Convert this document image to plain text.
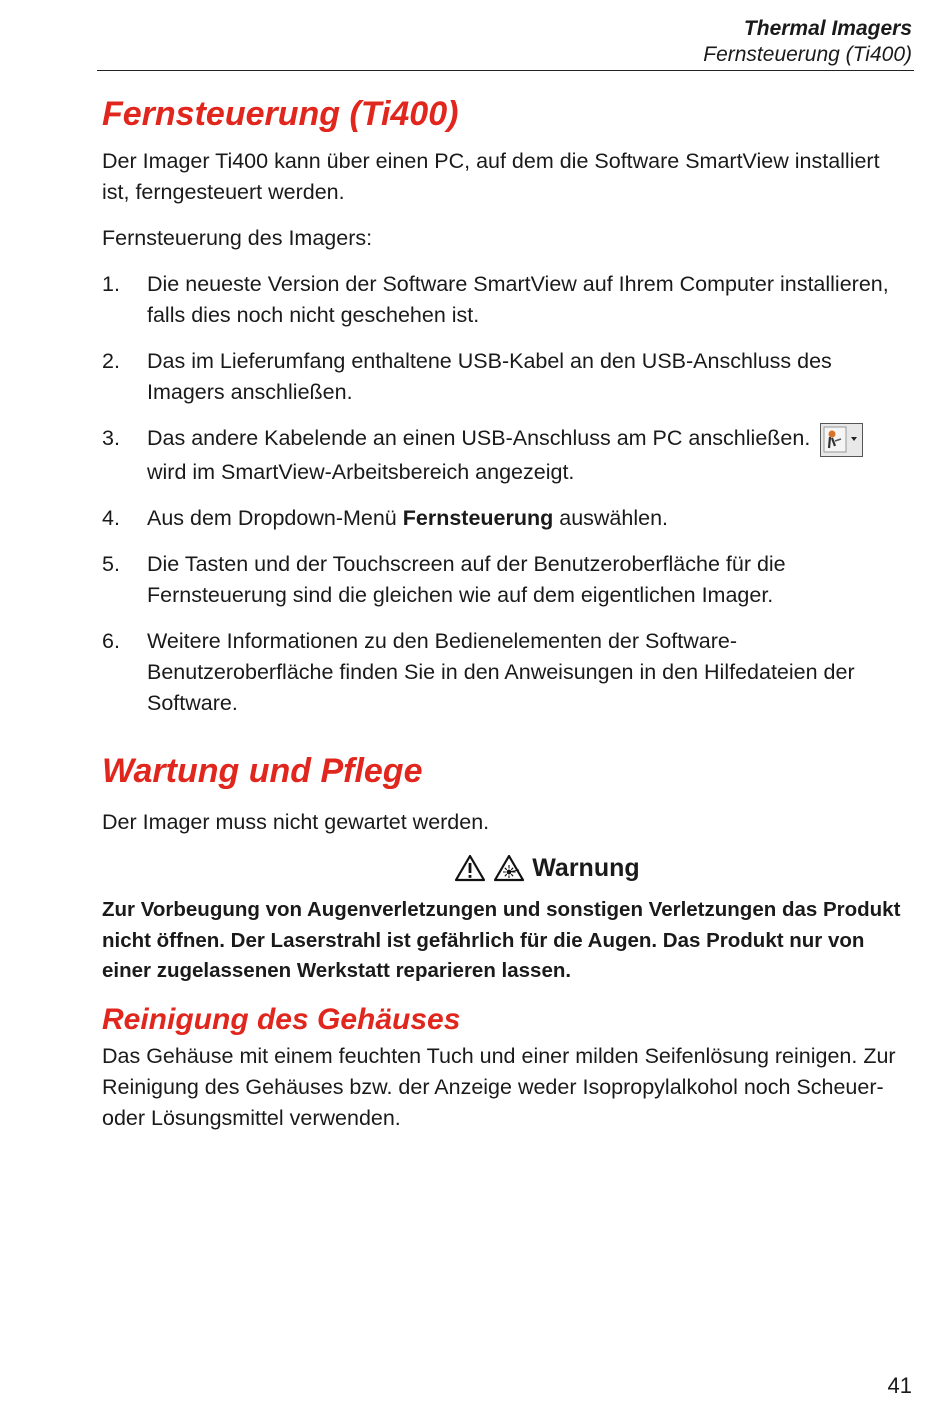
Thermal Imagers
Fernsteuerung (Ti400)
Fernsteuerung (Ti400)

Der Imager Ti400 kann über einen PC, auf dem die Software SmartView installiert ist, ferngesteuert werden.

Fernsteuerung des Imagers:

1. Die neueste Version der Software SmartView auf Ihrem Computer installieren, falls dies noch nicht geschehen ist.
2. Das im Lieferumfang enthaltene USB-Kabel an den USB-Anschluss des Imagers anschließen.
3. Das andere Kabelende an einen USB-Anschluss am PC anschließen.

wird im SmartView-Arbeitsbereich angezeigt.
4. Aus dem Dropdown-Menü Fernsteuerung auswählen.
5. Die Tasten und der Touchscreen auf der Benutzeroberfläche für die Fernsteuerung sind die gleichen wie auf dem eigentlichen Imager.
6. Weitere Informationen zu den Bedienelementen der Software-Benutzeroberfläche finden Sie in den Anweisungen in den Hilfedateien der Software.
Wartung und Pflege

Der Imager muss nicht gewartet werden.

Warnung

Zur Vorbeugung von Augenverletzungen und sonstigen Verletzungen das Produkt nicht öffnen. Der Laserstrahl ist gefährlich für die Augen. Das Produkt nur von einer zugelassenen Werkstatt reparieren lassen.

Reinigung des Gehäuses

Das Gehäuse mit einem feuchten Tuch und einer milden Seifenlösung reinigen. Zur Reinigung des Gehäuses bzw. der Anzeige weder Isopropylalkohol noch Scheuer- oder Lösungsmittel verwenden.

41
